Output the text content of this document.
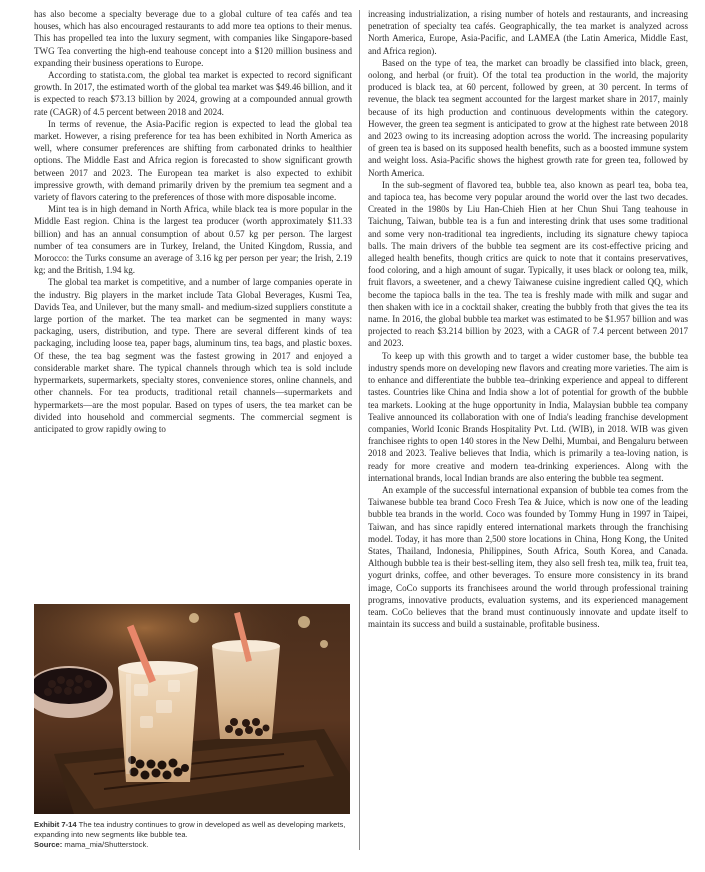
has also become a specialty beverage due to a global culture of tea cafés and tea houses, which has also encouraged restaurants to add more tea options to their menus. This has propelled tea into the luxury segment, with companies like Singapore-based TWG Tea converting the high-end teahouse concept into a $120 million business and expanding their business operations to Europe.

According to statista.com, the global tea market is expected to record significant growth. In 2017, the estimated worth of the global tea market was $49.46 billion, and it is expected to reach $73.13 billion by 2024, growing at a compounded annual growth rate (CAGR) of 4.5 percent between 2018 and 2024.

In terms of revenue, the Asia-Pacific region is expected to lead the global tea market. However, a rising preference for tea has been exhibited in North America as well, where consumer preferences are shifting from carbonated drinks to healthier options. The Middle East and Africa region is forecasted to show significant growth between 2017 and 2023. The European tea market is also expected to exhibit impressive growth, with demand primarily driven by the premium tea segment and a variety of flavors catering to the preferences of those with more disposable income.

Mint tea is in high demand in North Africa, while black tea is more popular in the Middle East region. China is the largest tea producer (worth approximately $11.33 billion) and has an annual consumption of about 0.57 kg per person. The largest number of tea consumers are in Turkey, Ireland, the United Kingdom, Russia, and Morocco: the Turks consume an average of 3.16 kg per person per year; the Irish, 2.19 kg; and the British, 1.94 kg.

The global tea market is competitive, and a number of large companies operate in the industry. Big players in the market include Tata Global Beverages, Kusmi Tea, Davids Tea, and Unilever, but the many small- and medium-sized suppliers constitute a large portion of the market. The tea market can be segmented in many ways: packaging, users, distribution, and type. There are several different kinds of tea packaging, including loose tea, paper bags, aluminum tins, tea bags, and plastic boxes. Of these, the tea bag segment was the fastest growing in 2017 and enjoyed a considerable market share. The typical channels through which tea is sold include hypermarkets, supermarkets, specialty stores, convenience stores, online channels, and other channels. For tea products, traditional retail channels—supermarkets and hypermarkets—are the most popular. Based on types of users, the tea market can be divided into household and commercial segments. The commercial segment is anticipated to grow rapidly owing to

increasing industrialization, a rising number of hotels and restaurants, and increasing penetration of specialty tea cafés. Geographically, the tea market is analyzed across North America, Europe, Asia-Pacific, and LAMEA (the Latin America, Middle East, and Africa region).

Based on the type of tea, the market can broadly be classified into black, green, oolong, and herbal (or fruit). Of the total tea production in the world, the majority produced is black tea, at 60 percent, followed by green, at 30 percent. In terms of revenue, the black tea segment accounted for the largest market share in 2017, mainly because of its high production and continuous developments within the category. However, the green tea segment is anticipated to grow at the highest rate between 2018 and 2023 owing to its increasing adoption across the world. The increasing popularity of green tea is based on its supposed health benefits, such as a boosted immune system and weight loss. Asia-Pacific shows the highest growth rate for green tea, followed by North America.

In the sub-segment of flavored tea, bubble tea, also known as pearl tea, boba tea, and tapioca tea, has become very popular around the world over the last two decades. Created in the 1980s by Liu Han-Chieh Hien at her Chun Shui Tang teahouse in Taichung, Taiwan, bubble tea is a fun and interesting drink that uses some traditional and some very non-traditional tea ingredients, including its signature chewy tapioca balls. The main drivers of the bubble tea segment are its cost-effective pricing and alleged health benefits, though critics are quick to note that it contains preservatives, food coloring, and a high amount of sugar. Typically, it uses black or oolong tea, milk, fruit flavors, a sweetener, and a chewy Taiwanese cuisine ingredient called QQ, which become the tapioca balls in the tea. The tea is freshly made with milk and sugar and then shaken with ice in a cocktail shaker, creating the bubbly froth that gives the tea its name. In 2016, the global bubble tea market was estimated to be $1.957 billion and was projected to reach $3.214 billion by 2023, with a CAGR of 7.4 percent between 2017 and 2023.

To keep up with this growth and to target a wider customer base, the bubble tea industry spends more on developing new flavors and creating more varieties. The aim is to enhance and differentiate the bubble tea–drinking experience and appeal to different tastes. Countries like China and India show a lot of potential for growth of the bubble tea markets. Looking at the huge opportunity in India, Malaysian bubble tea company Tealive announced its collaboration with one of India's leading franchise development companies, World Iconic Brands Hospitality Pvt. Ltd. (WIB), in 2018. WIB was given franchisee rights to open 140 stores in the New Delhi, Mumbai, and Bengaluru between 2018 and 2023. Tealive believes that India, which is primarily a tea-loving nation, is ready for more creative and modern tea-drinking experiences. Along with the international brands, local Indian brands are also entering the bubble tea segment.

An example of the successful international expansion of bubble tea comes from the Taiwanese bubble tea brand Coco Fresh Tea & Juice, which is now one of the leading bubble tea brands in the world. Coco was founded by Tommy Hung in 1997 in Taipei, Taiwan, and has since rapidly entered international markets through the franchising model. Today, it has more than 2,500 store locations in China, Hong Kong, the United States, Thailand, Indonesia, Philippines, South Africa, South Korea, and Canada. Although bubble tea is their best-selling item, they also sell fresh tea, milk tea, fruit tea, yogurt drinks, coffee, and other beverages. To ensure more consistency in its brand image, CoCo supports its franchisees around the world through professional training programs, innovative products, evaluation systems, and its experienced management team. CoCo believes that the brand must continuously innovate and update itself to maintain its success and build a sustainable, profitable business.

Exhibit 7-14 The tea industry continues to grow in developed as well as developing markets, expanding into new segments like bubble tea.
Source: mama_mia/Shutterstock.
